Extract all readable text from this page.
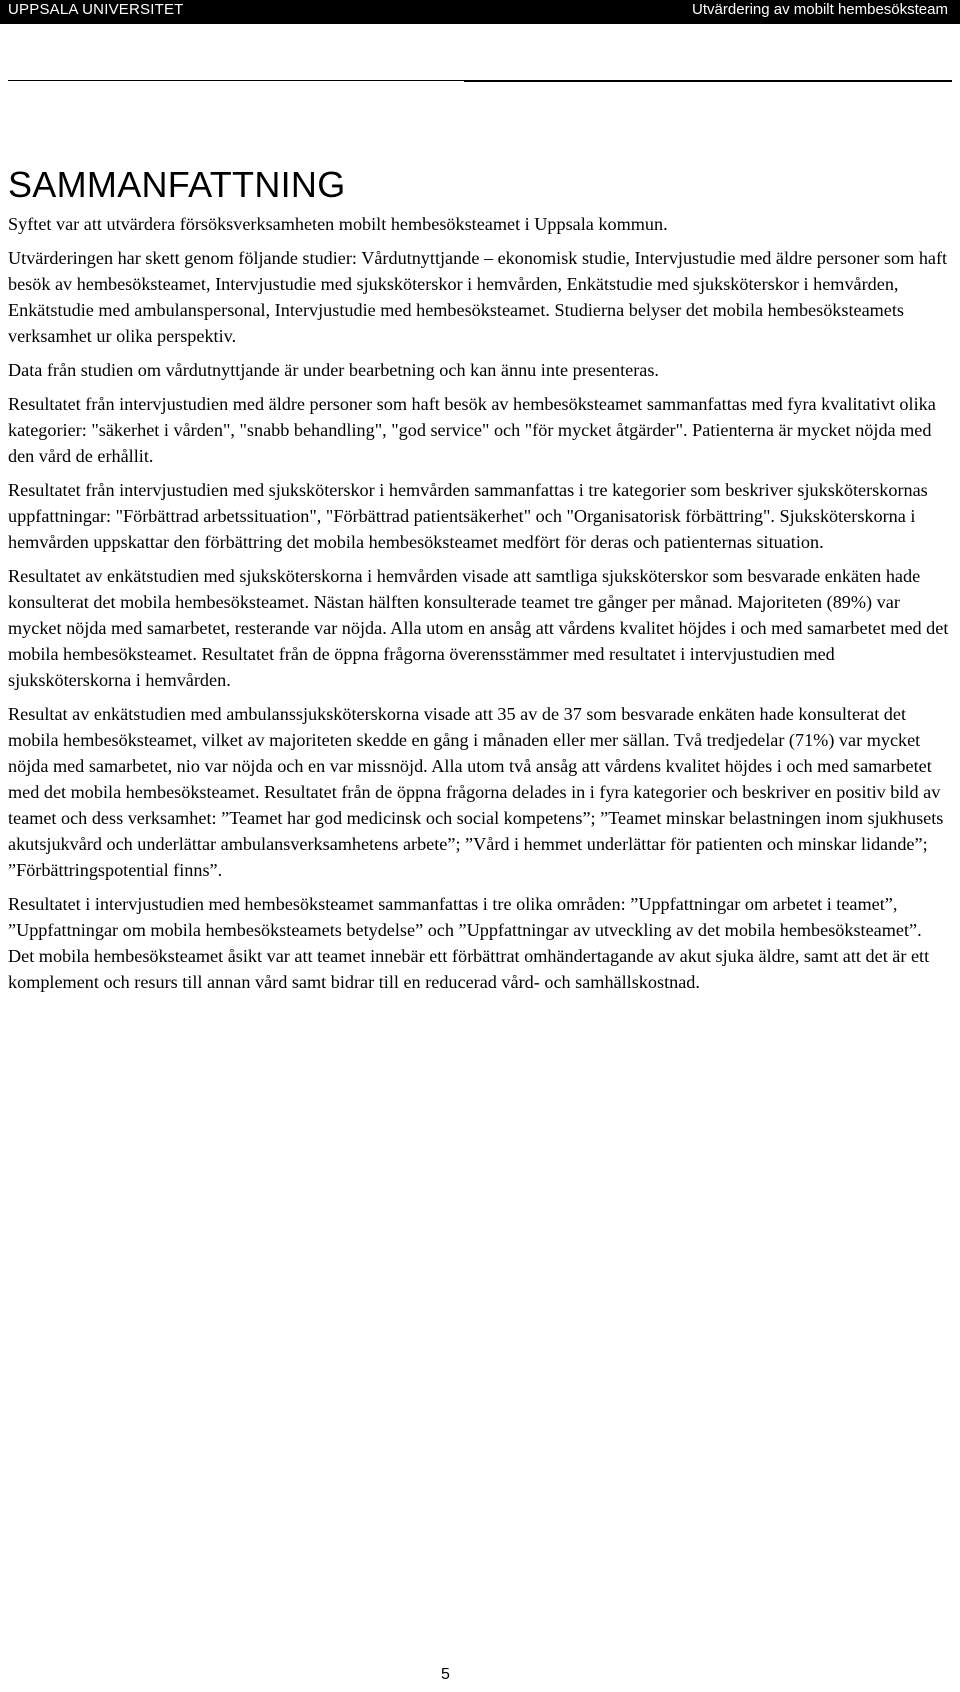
UPPSALA UNIVERSITET	Utvärdering av mobilt hembesöksteam
SAMMANFATTNING

Syftet var att utvärdera försöksverksamheten mobilt hembesöksteamet i Uppsala kommun.

Utvärderingen har skett genom följande studier: Vårdutnyttjande – ekonomisk studie, Intervjustudie med äldre personer som haft besök av hembesöksteamet, Intervjustudie med sjuksköterskor i hemvården, Enkätstudie med sjuksköterskor i hemvården, Enkätstudie med ambulanspersonal, Intervjustudie med hembesöksteamet. Studierna belyser det mobila hembesöksteamets verksamhet ur olika perspektiv.

Data från studien om vårdutnyttjande är under bearbetning och kan ännu inte presenteras.

Resultatet från intervjustudien med äldre personer som haft besök av hembesöksteamet sammanfattas med fyra kvalitativt olika kategorier: "säkerhet i vården", "snabb behandling", "god service" och "för mycket åtgärder". Patienterna är mycket nöjda med den vård de erhållit.

Resultatet från intervjustudien med sjuksköterskor i hemvården sammanfattas i tre kategorier som beskriver sjuksköterskornas uppfattningar: "Förbättrad arbetssituation", "Förbättrad patientsäkerhet" och "Organisatorisk förbättring". Sjuksköterskorna i hemvården uppskattar den förbättring det mobila hembesöksteamet medfört för deras och patienternas situation.

Resultatet av enkätstudien med sjuksköterskorna i hemvården visade att samtliga sjuksköterskor som besvarade enkäten hade konsulterat det mobila hembesöksteamet. Nästan hälften konsulterade teamet tre gånger per månad. Majoriteten (89%) var mycket nöjda med samarbetet, resterande var nöjda. Alla utom en ansåg att vårdens kvalitet höjdes i och med samarbetet med det mobila hembesöksteamet. Resultatet från de öppna frågorna överensstämmer med resultatet i intervjustudien med sjuksköterskorna i hemvården.

Resultat av enkätstudien med ambulanssjuksköterskorna visade att 35 av de 37 som besvarade enkäten hade konsulterat det mobila hembesöksteamet, vilket av majoriteten skedde en gång i månaden eller mer sällan. Två tredjedelar (71%) var mycket nöjda med samarbetet, nio var nöjda och en var missnöjd. Alla utom två ansåg att vårdens kvalitet höjdes i och med samarbetet med det mobila hembesöksteamet. Resultatet från de öppna frågorna delades in i fyra kategorier och beskriver en positiv bild av teamet och dess verksamhet: ”Teamet har god medicinsk och social kompetens”; ”Teamet minskar belastningen inom sjukhusets akutsjukvård och underlättar ambulansverksamhetens arbete”; ”Vård i hemmet underlättar för patienten och minskar lidande”; ”Förbättringspotential finns”.

Resultatet i intervjustudien med hembesöksteamet sammanfattas i tre olika områden: ”Uppfattningar om arbetet i teamet”, ”Uppfattningar om mobila hembesöksteamets betydelse” och ”Uppfattningar av utveckling av det mobila hembesöksteamet”. Det mobila hembesöksteamet åsikt var att teamet innebär ett förbättrat omhändertagande av akut sjuka äldre, samt att det är ett komplement och resurs till annan vård samt bidrar till en reducerad vård- och samhällskostnad.

5
